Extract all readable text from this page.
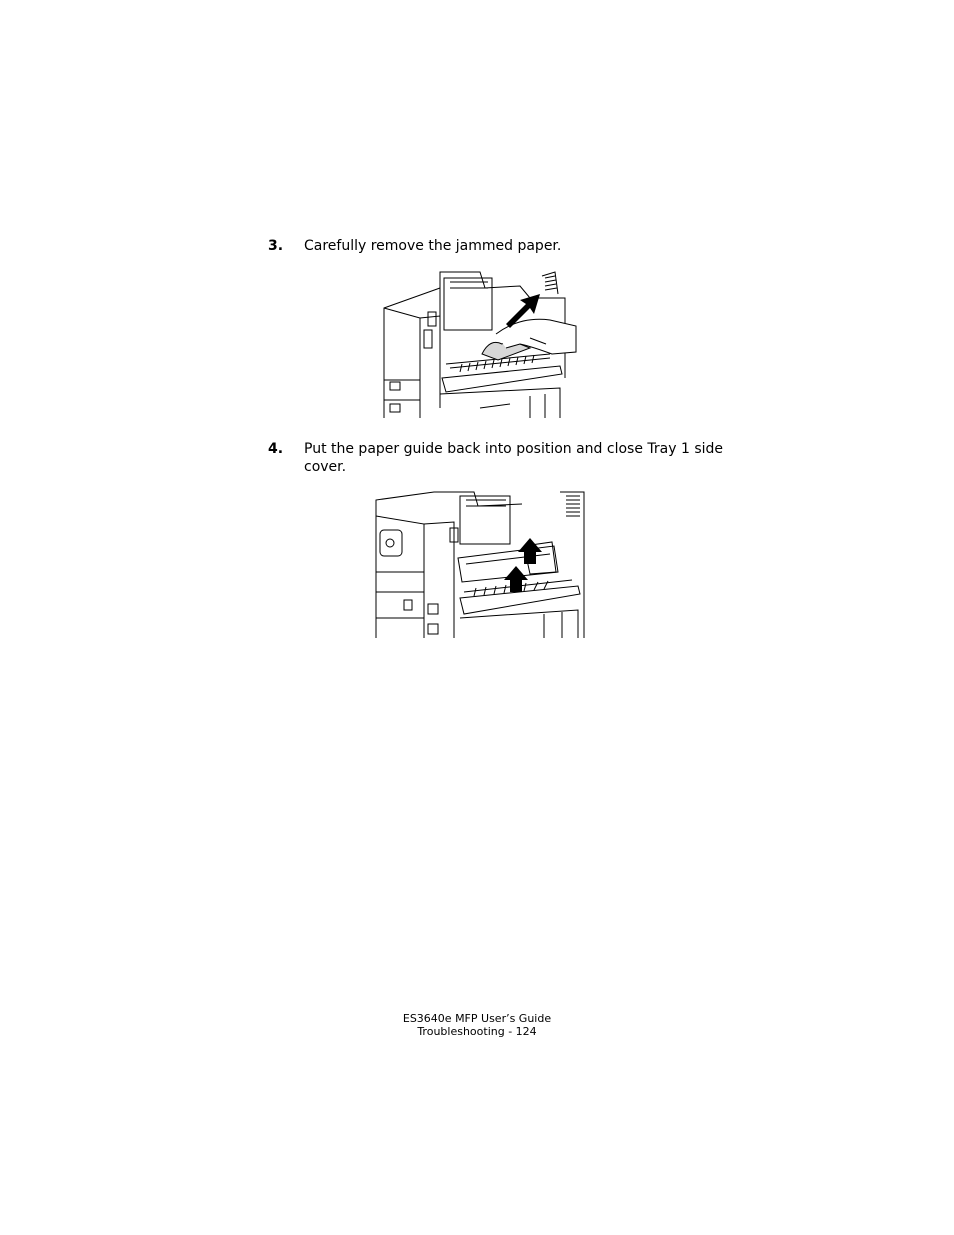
3. Carefully remove the jammed paper.
4. Put the paper guide back into position and close Tray 1 side cover.
ES3640e MFP User’s Guide
Troubleshooting - 124
